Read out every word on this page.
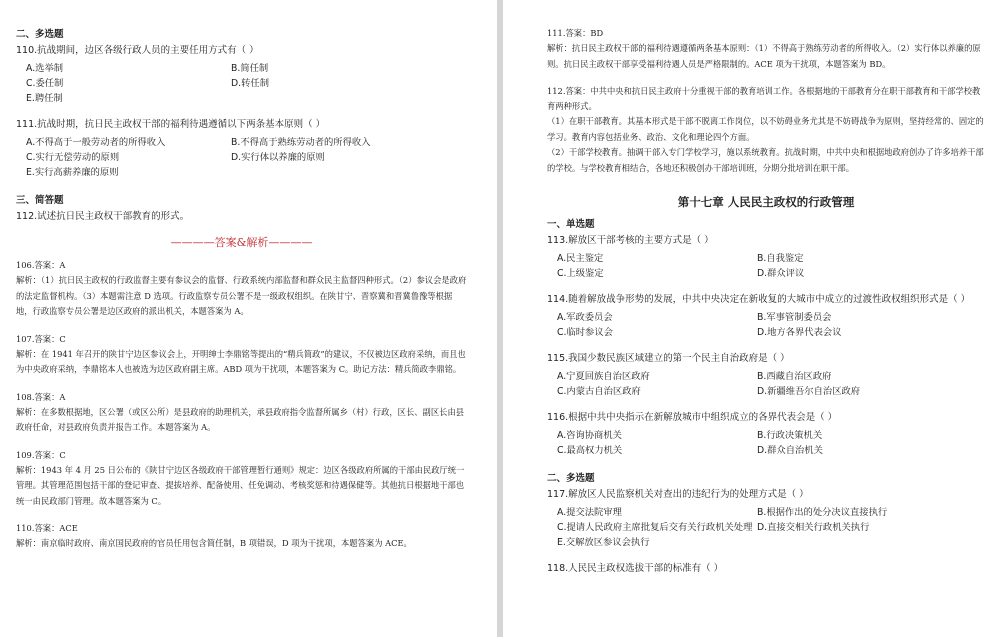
二、多选题

110.抗战期间，边区各级行政人员的主要任用方式有（ ）

A.选举制	B.简任制
C.委任制	D.转任制
E.聘任制

111.抗战时期，抗日民主政权干部的福利待遇遵循以下两条基本原则（ ）

A.不得高于一般劳动者的所得收入	B.不得高于熟练劳动者的所得收入
C.实行无偿劳动的原则	D.实行体以养廉的原则
E.实行高薪养廉的原则

三、简答题

112.试述抗日民主政权干部教育的形式。

————答案&解析————

106.答案：A

解析：（1）抗日民主政权的行政监督主要有参议会的监督、行政系统内部监督和群众民主监督四种形式。（2）参议会是政府的法定监督机构。（3）本题需注意 D 选项。行政监察专员公署不是一级政权组织。在陕甘宁、晋察冀和晋冀鲁豫等根据地，行政监察专员公署是边区政府的派出机关，本题答案为 A。

107.答案：C

解析：在 1941 年召开的陕甘宁边区参议会上，开明绅士李鼎铭等提出的“精兵简政”的建议，不仅被边区政府采纳，而且也为中央政府采纳，李鼎铭本人也被选为边区政府副主席。ABD 项为干扰项，本题答案为 C。助记方法：精兵简政李鼎铭。

108.答案：A

解析：在多数根据地，区公署（或区公所）是县政府的助理机关，承县政府指令监督所属乡（村）行政，区长、副区长由县政府任命，对县政府负责并报告工作。本题答案为 A。

109.答案：C

解析：1943 年 4 月 25 日公布的《陕甘宁边区各级政府干部管理暂行通则》规定：边区各级政府所属的干部由民政厅统一管理。其管理范围包括干部的登记审查、提拔培养、配备使用、任免调动、考核奖惩和待遇保健等。其他抗日根据地干部也统一由民政部门管理。故本题答案为 C。

110.答案：ACE

解析：南京临时政府、南京国民政府的官员任用包含简任制，B 项错误，D 项为干扰项，本题答案为 ACE。

111.答案：BD

解析：抗日民主政权干部的福利待遇遵循两条基本原则：（1）不得高于熟练劳动者的所得收入。（2）实行体以养廉的原则。抗日民主政权干部享受福利待遇人员是严格限制的。ACE 项为干扰项，本题答案为 BD。

112.答案：中共中央和抗日民主政府十分重视干部的教育培训工作。各根据地的干部教育分在职干部教育和干部学校教育两种形式。

（1）在职干部教育。其基本形式是干部不脱离工作岗位，以不妨碍业务尤其是不妨碍战争为原则，坚持经常的、固定的学习。教育内容包括业务、政治、文化和理论四个方面。

（2）干部学校教育。抽调干部入专门学校学习，施以系统教育。抗战时期，中共中央和根据地政府创办了许多培养干部的学校。与学校教育相结合，各地还积极创办干部培训班，分期分批培训在职干部。

第十七章 人民民主政权的行政管理

一、单选题

113.解放区干部考核的主要方式是（ ）

A.民主鉴定	B.自我鉴定
C.上级鉴定	D.群众评议

114.随着解放战争形势的发展，中共中央决定在新收复的大城市中成立的过渡性政权组织形式是（ ）

A.军政委员会	B.军事管制委员会
C.临时参议会	D.地方各界代表会议

115.我国少数民族区域建立的第一个民主自治政府是（ ）

A.宁夏回族自治区政府	B.西藏自治区政府
C.内蒙古自治区政府	D.新疆维吾尔自治区政府

116.根据中共中央指示在新解放城市中组织成立的各界代表会是（ ）

A.咨询协商机关	B.行政决策机关
C.最高权力机关	D.群众自治机关

二、多选题

117.解放区人民监察机关对查出的违纪行为的处理方式是（ ）

A.提交法院审理	B.根据作出的处分决议直接执行
C.提请人民政府主席批复后交有关行政机关处理 D.直接交相关行政机关执行
E.交解放区参议会执行

118.人民民主政权选拔干部的标准有（ ）
